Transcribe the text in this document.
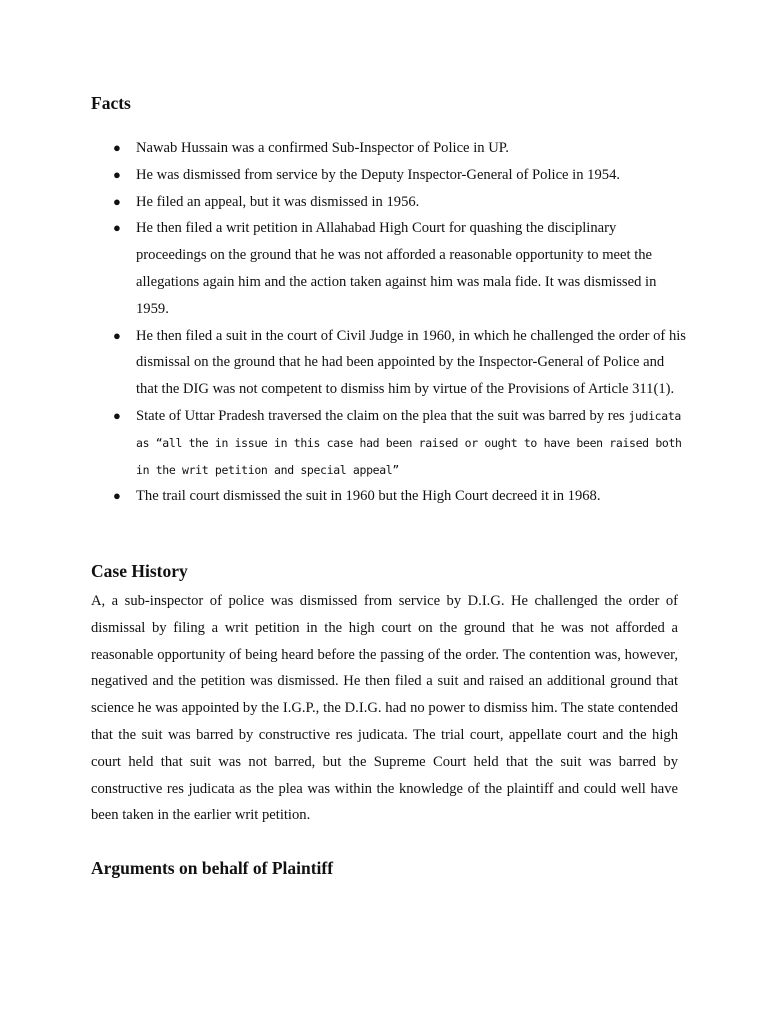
Facts
● Nawab Hussain was a confirmed Sub-Inspector of Police in UP.
● He was dismissed from service by the Deputy Inspector-General of Police in 1954.
● He filed an appeal, but it was dismissed in 1956.
● He then filed a writ petition in Allahabad High Court for quashing the disciplinary proceedings on the ground that he was not afforded a reasonable opportunity to meet the allegations again him and the action taken against him was mala fide. It was dismissed in 1959.
● He then filed a suit in the court of Civil Judge in 1960, in which he challenged the order of his dismissal on the ground that he had been appointed by the Inspector-General of Police and that the DIG was not competent to dismiss him by virtue of the Provisions of Article 311(1).
● State of Uttar Pradesh traversed the claim on the plea that the suit was barred by res judicata as “all the in issue in this case had been raised or ought to have been raised both in the writ petition and special appeal”
● The trail court dismissed the suit in 1960 but the High Court decreed it in 1968.
Case History

A, a sub-inspector of police was dismissed from service by D.I.G. He challenged the order of dismissal by filing a writ petition in the high court on the ground that he was not afforded a reasonable opportunity of being heard before the passing of the order. The contention was, however, negatived and the petition was dismissed. He then filed a suit and raised an additional ground that science he was appointed by the I.G.P., the D.I.G. had no power to dismiss him. The state contended that the suit was barred by constructive res judicata. The trial court, appellate court and the high court held that suit was not barred, but the Supreme Court held that the suit was barred by constructive res judicata as the plea was within the knowledge of the plaintiff and could well have been taken in the earlier writ petition.

Arguments on behalf of Plaintiff
